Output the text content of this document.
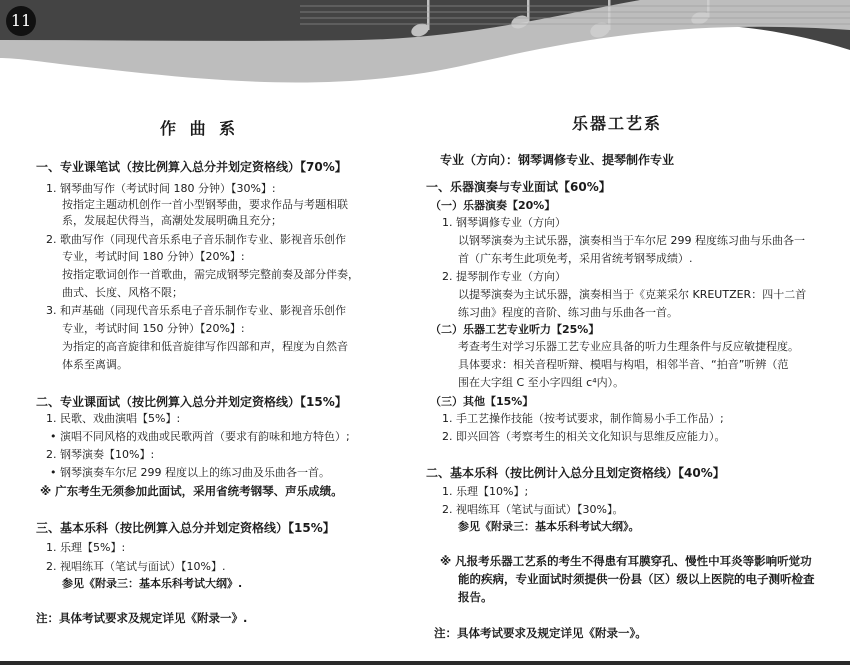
11
作 曲 系
一、专业课笔试（按比例算入总分并划定资格线）【70%】
1. 钢琴曲写作（考试时间 180 分钟）【30%】:
按指定主题动机创作一首小型钢琴曲，要求作品与考题相联
系，发展起伏得当，高潮处发展明确且充分；
2. 歌曲写作（同现代音乐系电子音乐制作专业、影视音乐创作
专业，考试时间 180 分钟）【20%】:
按指定歌词创作一首歌曲，需完成钢琴完整前奏及部分伴奏，
曲式、长度、风格不限；
3. 和声基础（同现代音乐系电子音乐制作专业、影视音乐创作
专业，考试时间 150 分钟）【20%】:
为指定的高音旋律和低音旋律写作四部和声，程度为自然音
体系至离调。
二、专业课面试（按比例算入总分并划定资格线）【15%】
1. 民歌、戏曲演唱【5%】:
• 演唱不同风格的戏曲或民歌两首（要求有韵味和地方特色）;
2. 钢琴演奏【10%】:
• 钢琴演奏车尔尼 299 程度以上的练习曲及乐曲各一首。
※ 广东考生无须参加此面试，采用省统考钢琴、声乐成绩。
三、基本乐科（按比例算入总分并划定资格线）【15%】
1. 乐理【5%】:
2. 视唱练耳（笔试与面试）【10%】.
参见《附录三：基本乐科考试大纲》.
注：具体考试要求及规定详见《附录一》.
乐器工艺系
专业（方向）：钢琴调修专业、提琴制作专业
一、乐器演奏与专业面试【60%】
（一）乐器演奏【20%】
1. 钢琴调修专业（方向）
以钢琴演奏为主试乐器，演奏相当于车尔尼 299 程度练习曲与乐曲各一
首（广东考生此项免考，采用省统考钢琴成绩）.
2. 提琴制作专业（方向）
以提琴演奏为主试乐器，演奏相当于《克莱采尔 KREUTZER：四十二首
练习曲》程度的音阶、练习曲与乐曲各一首。
（二）乐器工艺专业听力【25%】
考查考生对学习乐器工艺专业应具备的听力生理条件与反应敏捷程度。
具体要求：相关音程听辩、模唱与构唱，相邻半音、“拍音”听辨（范
围在大字组 C 至小字四组 c⁴内）。
（三）其他【15%】
1. 手工艺操作技能（按考试要求，制作简易小手工作品）;
2. 即兴回答（考察考生的相关文化知识与思维反应能力）。
二、基本乐科（按比例计入总分且划定资格线）【40%】
1. 乐理【10%】;
2. 视唱练耳（笔试与面试）【30%】。
参见《附录三：基本乐科考试大纲》。
※ 凡报考乐器工艺系的考生不得患有耳膜穿孔、慢性中耳炎等影响听觉功
能的疾病，专业面试时须提供一份县（区）级以上医院的电子测听检查
报告。
注：具体考试要求及规定详见《附录一》。
